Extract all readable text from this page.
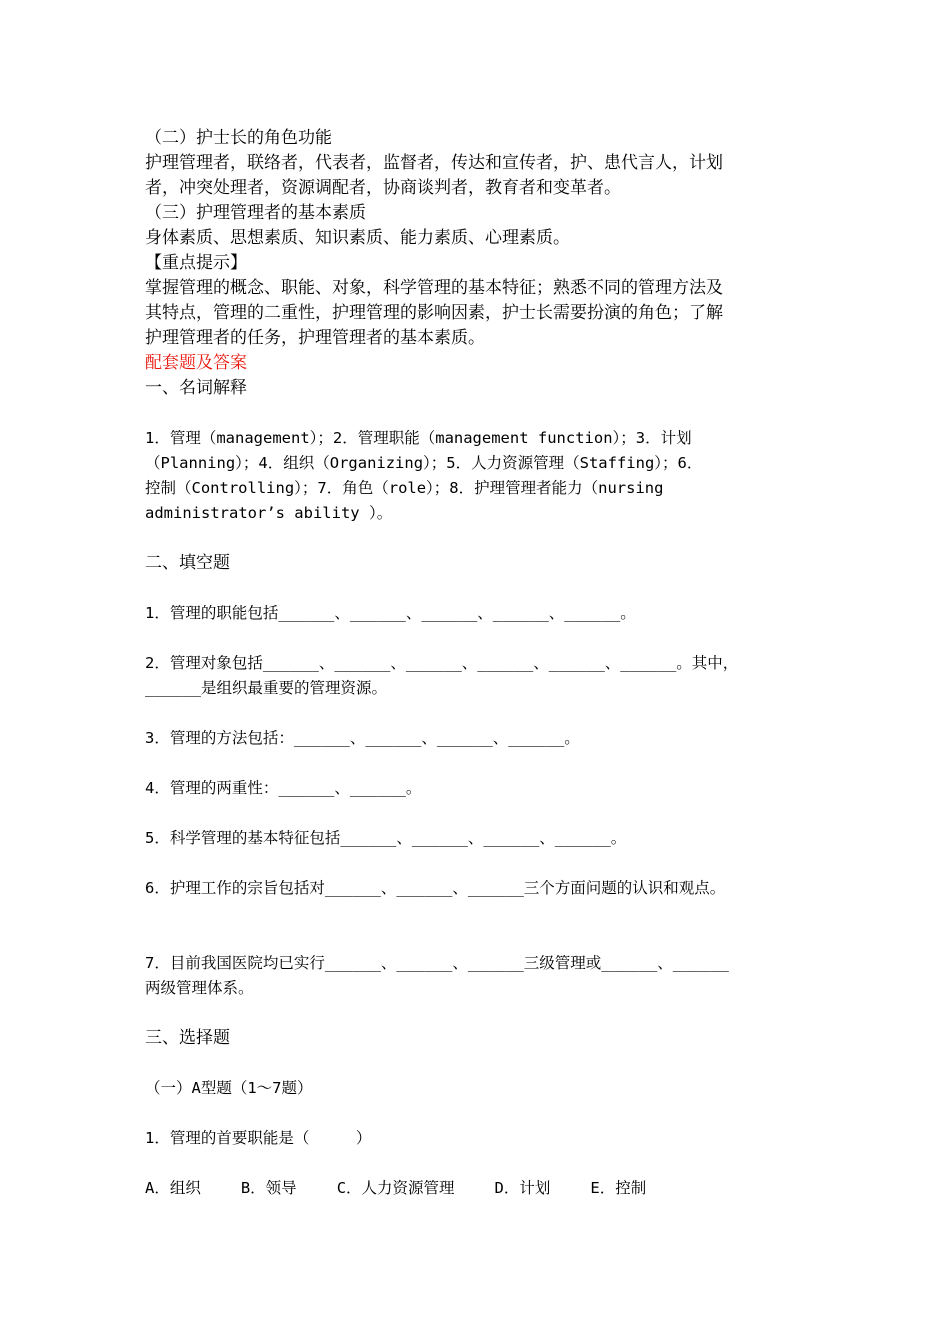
（二）护士长的角色功能

护理管理者，联络者，代表者，监督者，传达和宣传者，护、患代言人，计划

者，冲突处理者，资源调配者，协商谈判者，教育者和变革者。

（三）护理管理者的基本素质

身体素质、思想素质、知识素质、能力素质、心理素质。

【重点提示】

掌握管理的概念、职能、对象，科学管理的基本特征；熟悉不同的管理方法及

其特点，管理的二重性，护理管理的影响因素，护士长需要扮演的角色；了解

护理管理者的任务，护理管理者的基本素质。

配套题及答案

一、名词解释

1．管理（management）；2．管理职能（management function）；3．计划

（Planning）；4．组织（Organizing）；5．人力资源管理（Staffing）；6．

控制（Controlling）；7．角色（role）；8．护理管理者能力（nursing

administrator’s ability ）。

二、填空题

1．管理的职能包括______、______、______、______、______。

2．管理对象包括______、______、______、______、______、______。其中，

______是组织最重要的管理资源。

3．管理的方法包括：______、______、______、______。

4．管理的两重性：______、______。

5．科学管理的基本特征包括______、______、______、______。

6．护理工作的宗旨包括对______、______、______三个方面问题的认识和观点。

7．目前我国医院均已实行______、______、______三级管理或______、______

两级管理体系。

三、选择题

（一）A型题（1～7题）

1．管理的首要职能是（　　　）

A．组织	B．领导	C．人力资源管理	D．计划	E．控制
